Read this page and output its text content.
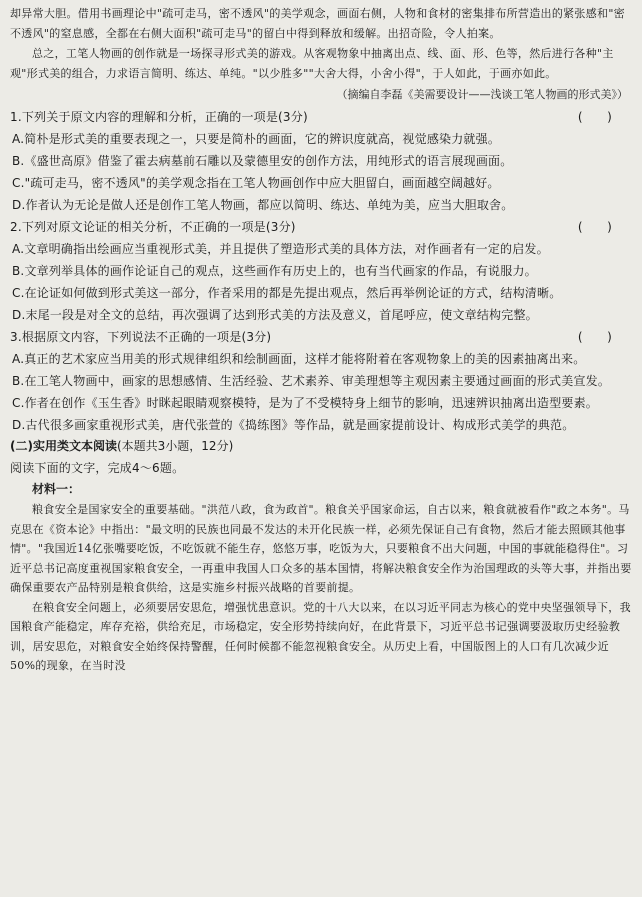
却异常大胆。借用书画理论中"疏可走马，密不透风"的美学观念，画面右侧，人物和食材的密集排布所营造出的紧张感和"密不透风"的窒息感，全都在右侧大面积"疏可走马"的留白中得到释放和缓解。出招奇险，令人拍案。

总之，工笔人物画的创作就是一场探寻形式美的游戏。从客观物象中抽离出点、线、面、形、色等，然后进行各种"主观"形式美的组合，力求语言简明、练达、单纯。"以少胜多""大舍大得，小舍小得"，于人如此，于画亦如此。

（摘编自李磊《美需要设计——浅谈工笔人物画的形式美》）

1.下列关于原文内容的理解和分析，正确的一项是(3分)	(　　)

A.简朴是形式美的重要表现之一，只要是简朴的画面，它的辨识度就高，视觉感染力就强。

B.《盛世高原》借鉴了霍去病墓前石雕以及蒙德里安的创作方法，用纯形式的语言展现画面。

C."疏可走马，密不透风"的美学观念指在工笔人物画创作中应大胆留白，画面越空阔越好。

D.作者认为无论是做人还是创作工笔人物画，都应以简明、练达、单纯为美，应当大胆取舍。

2.下列对原文论证的相关分析，不正确的一项是(3分)	(　　)

A.文章明确指出绘画应当重视形式美，并且提供了塑造形式美的具体方法，对作画者有一定的启发。

B.文章列举具体的画作论证自己的观点，这些画作有历史上的，也有当代画家的作品，有说服力。

C.在论证如何做到形式美这一部分，作者采用的都是先提出观点，然后再举例论证的方式，结构清晰。

D.末尾一段是对全文的总结，再次强调了达到形式美的方法及意义，首尾呼应，使文章结构完整。

3.根据原文内容，下列说法不正确的一项是(3分)	(　　)

A.真正的艺术家应当用美的形式规律组织和绘制画面，这样才能将附着在客观物象上的美的因素抽离出来。

B.在工笔人物画中，画家的思想感情、生活经验、艺术素养、审美理想等主观因素主要通过画面的形式美宣发。

C.作者在创作《玉生香》时眯起眼睛观察模特，是为了不受模特身上细节的影响，迅速辨识抽离出造型要素。

D.古代很多画家重视形式美，唐代张萱的《捣练图》等作品，就是画家提前设计、构成形式美学的典范。

(二)实用类文本阅读(本题共3小题，12分)

阅读下面的文字，完成4～6题。

材料一：

粮食安全是国家安全的重要基础。"洪范八政，食为政首"。粮食关乎国家命运，自古以来，粮食就被看作"政之本务"。马克思在《资本论》中指出："最文明的民族也同最不发达的未开化民族一样，必须先保证自己有食物，然后才能去照顾其他事情"。"我国近14亿张嘴要吃饭，不吃饭就不能生存，悠悠万事，吃饭为大，只要粮食不出大问题，中国的事就能稳得住"。习近平总书记高度重视国家粮食安全，一再重申我国人口众多的基本国情，将解决粮食安全作为治国理政的头等大事，并指出要确保重要农产品特别是粮食供给，这是实施乡村振兴战略的首要前提。

在粮食安全问题上，必须要居安思危，增强忧患意识。党的十八大以来，在以习近平同志为核心的党中央坚强领导下，我国粮食产能稳定，库存充裕，供给充足，市场稳定，安全形势持续向好，在此背景下，习近平总书记强调要汲取历史经验教训，居安思危，对粮食安全始终保持警醒，任何时候都不能忽视粮食安全。从历史上看，中国版图上的人口有几次减少近50%的现象，在当时没
